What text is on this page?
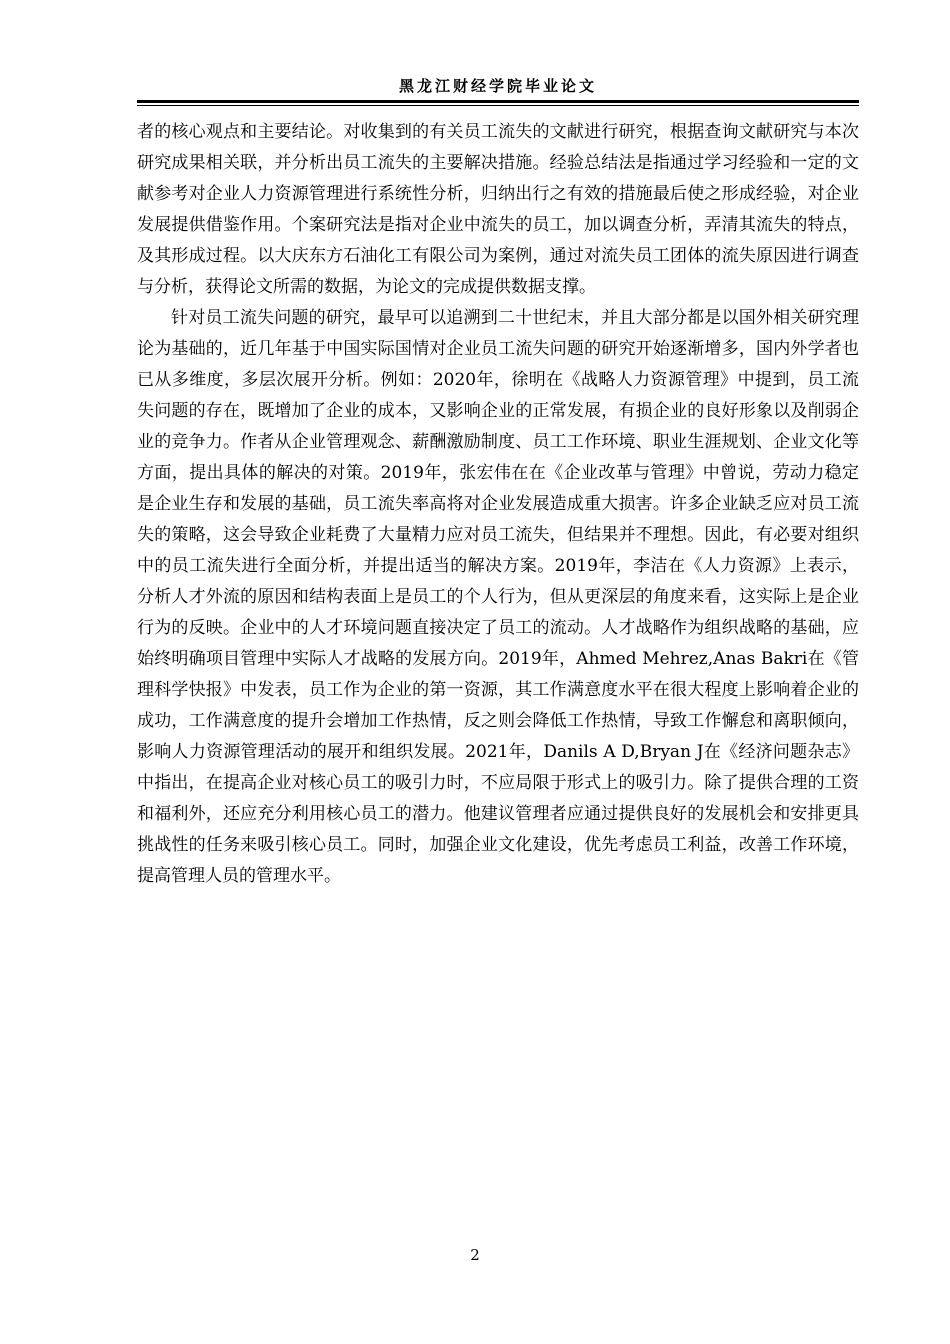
黑龙江财经学院毕业论文

者的核心观点和主要结论。对收集到的有关员工流失的文献进行研究，根据查询文献研究与本次研究成果相关联，并分析出员工流失的主要解决措施。经验总结法是指通过学习经验和一定的文献参考对企业人力资源管理进行系统性分析，归纳出行之有效的措施最后使之形成经验，对企业发展提供借鉴作用。个案研究法是指对企业中流失的员工，加以调查分析，弄清其流失的特点，及其形成过程。以大庆东方石油化工有限公司为案例，通过对流失员工团体的流失原因进行调查与分析，获得论文所需的数据，为论文的完成提供数据支撑。

针对员工流失问题的研究，最早可以追溯到二十世纪末，并且大部分都是以国外相关研究理论为基础的，近几年基于中国实际国情对企业员工流失问题的研究开始逐渐增多，国内外学者也已从多维度，多层次展开分析。例如：2020年，徐明在《战略人力资源管理》中提到，员工流失问题的存在，既增加了企业的成本，又影响企业的正常发展，有损企业的良好形象以及削弱企业的竞争力。作者从企业管理观念、薪酬激励制度、员工工作环境、职业生涯规划、企业文化等方面，提出具体的解决的对策。2019年，张宏伟在在《企业改革与管理》中曾说，劳动力稳定是企业生存和发展的基础，员工流失率高将对企业发展造成重大损害。许多企业缺乏应对员工流失的策略，这会导致企业耗费了大量精力应对员工流失，但结果并不理想。因此，有必要对组织中的员工流失进行全面分析，并提出适当的解决方案。2019年，李洁在《人力资源》上表示，分析人才外流的原因和结构表面上是员工的个人行为，但从更深层的角度来看，这实际上是企业行为的反映。企业中的人才环境问题直接决定了员工的流动。人才战略作为组织战略的基础，应始终明确项目管理中实际人才战略的发展方向。2019年，Ahmed Mehrez,Anas Bakri在《管理科学快报》中发表，员工作为企业的第一资源，其工作满意度水平在很大程度上影响着企业的成功，工作满意度的提升会增加工作热情，反之则会降低工作热情，导致工作懈怠和离职倾向，影响人力资源管理活动的展开和组织发展。2021年，Danils A D,Bryan J在《经济问题杂志》中指出，在提高企业对核心员工的吸引力时，不应局限于形式上的吸引力。除了提供合理的工资和福利外，还应充分利用核心员工的潜力。他建议管理者应通过提供良好的发展机会和安排更具挑战性的任务来吸引核心员工。同时，加强企业文化建设，优先考虑员工利益，改善工作环境，提高管理人员的管理水平。

2
